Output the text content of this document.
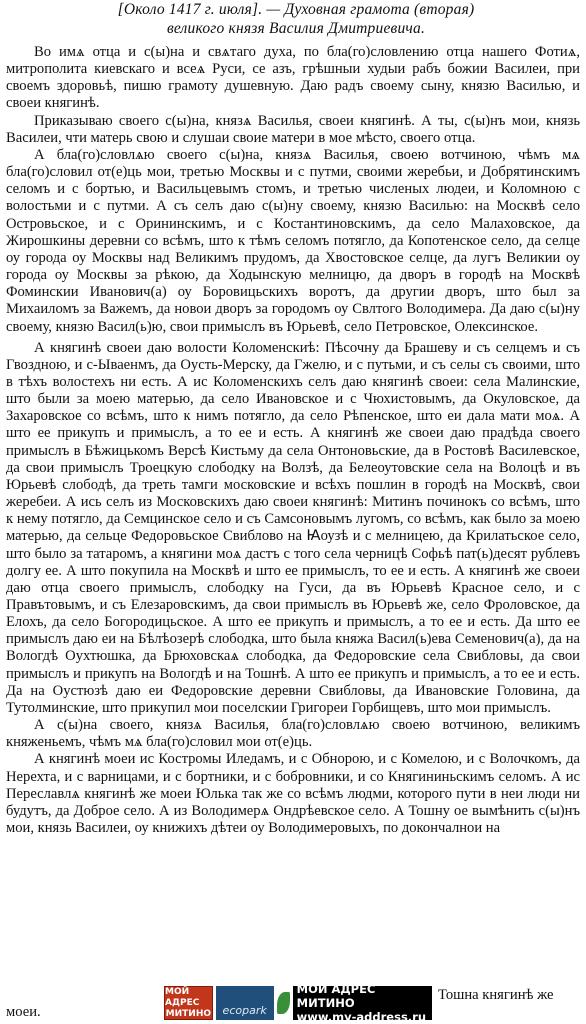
[Около 1417 г. июля]. — Духовная грамота (вторая)

великого князя Василия Дмитриевича.

Во имѧ отца и с(ы)на и свѧтаго духа, по бла(го)словлению отца нашего Фотиѧ, митрополита киевскаго и всеѧ Руси, се азъ, грѣшныи худыи рабъ божии Василеи, при своемъ здоровьѣ, пишю грамоту душевную. Даю радъ своему сыну, князю Василью, и своеи княгинѣ.

Приказываю своего с(ы)на, князѧ Василья, своеи княгинѣ. А ты, с(ы)нъ мои, князь Василеи, чти матерь свою и слушаи своие матери в мое мѣсто, своего отца.

А бла(го)словлѧю своего с(ы)на, князѧ Василья, своею вотчиною, чѣмъ мѧ бла(го)словил от(е)ць мои, третью Москвы и с путми, своими жеребьи, и Добрятинскимъ селомъ и с бортью, и Васильцевымъ стомъ, и третью численых людеи, и Коломною с волостьми и с путми. А съ селъ даю с(ы)ну своему, князю Василью: на Москвѣ село Островьское, и с Орининскимъ, и с Костантиновскимъ, да село Малаховское, да Жирошкины деревни со всѣмъ, што к тѣмъ селомъ потягло, да Копотенское село, да селце оу города оу Москвы над Великимъ прудомъ, да Хвостовское селце, да лугъ Великии оу города оу Москвы за рѣкою, да Ходынскую мелницю, да дворъ в городѣ на Москвѣ Фоминскии Иванович(а) оу Боровицьскихъ воротъ, да другии дворъ, што был за Михаиломъ за Важемъ, да новои дворъ за городомъ оу Свлтого Володимера. Да даю с(ы)ну своему, князю Васил(ь)ю, свои примыслъ въ Юрьевѣ, село Петровское, Олексинское.

А княгинѣ своеи даю волости Коломенскиѣ: Пѣсочну да Брашеву и съ селцемъ и съ Гвоздною, и с-Ываенмъ, да Оусть-Мерску, да Гжелю, и с путьми, и съ селы съ своими, што в тѣхъ волостехъ ни есть. А ис Коломенскихъ селъ даю княгинѣ своеи: села Малинские, што были за моею матерью, да село Ивановское и с Чюхистовымъ, да Окуловское, да Захаровское со всѣмъ, што к нимъ потягло, да село Рѣпенское, што еи дала мати моѧ. А што ее прикупъ и примыслъ, а то ее и есть. А княгинѣ же своеи даю прадѣда своего примыслъ в Бѣжицькомъ Версѣ Кистьму да села Онтоновьские, да в Ростовѣ Василевское, да свои примыслъ Троецкую слободку на Волзѣ, да Белеоутовские села на Волоцѣ и въ Юрьевѣ слободѣ, да треть тамги московские и всѣхъ пошлин в городѣ на Москвѣ, свои жеребеи. А ись селъ из Московскихъ даю своеи княгинѣ: Митинъ починокъ со всѣмъ, што к нему потягло, да Семцинское село и съ Самсоновымъ лугомъ, со всѣмъ, как было за моею матерью, да сельце Федоровьское Свиблово на Ꙗоузѣ и с мелницею, да Крилатьское село, што было за татаромъ, а княгини моѧ дастъ с того села черницѣ Софьѣ пат(ь)десят рублевъ долгу ее. А што покупила на Москвѣ и што ее примыслъ, то ее и есть. А княгинѣ же своеи даю отца своего примыслъ, слободку на Гуси, да въ Юрьевѣ Красное село, и с Правътовымъ, и съ Елезаровскимъ, да свои примыслъ въ Юрьевѣ же, село Фроловское, да Елохъ, да село Богородицьское. А што ее прикупъ и примыслъ, а то ее и есть. Да што ее примыслъ даю еи на Бѣлѣозерѣ слободка, што была княжа Васил(ь)ева Семенович(а), да на Вологдѣ Оухтюшка, да Брюховскаѧ слободка, да Федоровские села Свибловы, да свои примыслъ и прикупъ на Вологдѣ и на Тошнѣ. А што ее прикупъ и примыслъ, а то ее и есть. Да на Оустюзѣ даю еи Федоровские деревни Свибловы, да Ивановские Головина, да Тутолминские, што прикупил мои поселскии Григореи Горбищевъ, што мои примыслъ.

А с(ы)на своего, князѧ Василья, бла(го)словлѧю своею вотчиною, великимъ княженьемъ, чѣмъ мѧ бла(го)словил мои от(е)ць.

А княгинѣ моеи ис Костромы Иледамъ, и с Обнорою, и с Комелою, и с Волочкомъ, да Нерехта, и с варницами, и с бортники, и с бобровники, и со Княгининьскимъ селомъ. А ис Переславлѧ княгинѣ же моеи Юлька так же со всѣмъ людми, которого пути в неи люди ни будутъ, да Доброе село. А из Володимерѧ Ондрѣевское село. А Тошну ое вымѣнить с(ы)нъ мои, князь Василеи, оу книжихъ дѣтеи оу Володимеровыхъ, по докончалнои на

моеи.
Тошна княгинѣ же
МОЙ АДРЕС
МИТИНО ecopark
МОЙ АДРЕС МИТИНО
www.my-address.ru
